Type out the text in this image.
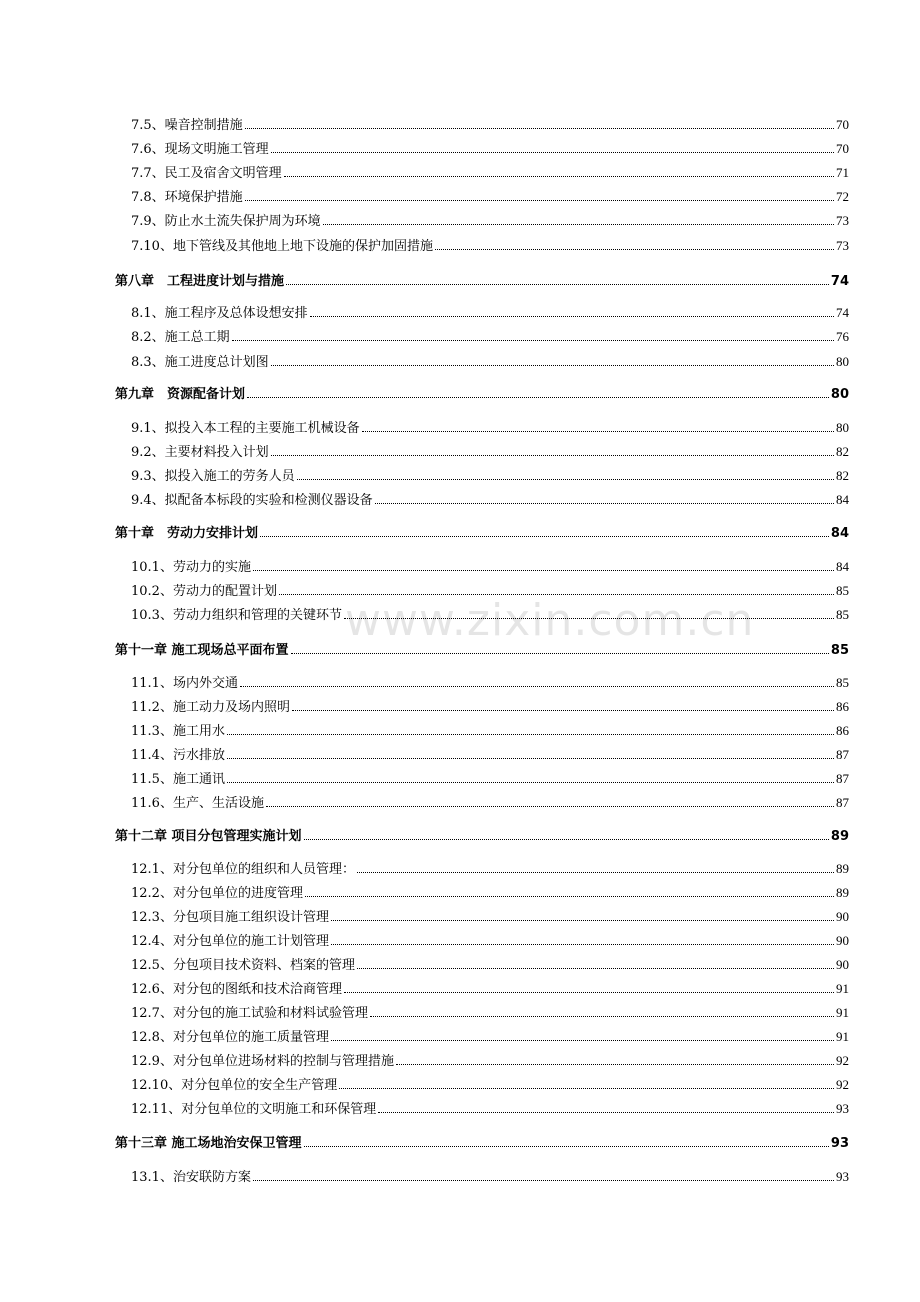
7.5、噪音控制措施	70
7.6、现场文明施工管理	70
7.7、民工及宿舍文明管理	71
7.8、环境保护措施	72
7.9、防止水土流失保护周为环境	73
7.10、地下管线及其他地上地下设施的保护加固措施	73
第八章　工程进度计划与措施	74
8.1、施工程序及总体设想安排	74
8.2、施工总工期	76
8.3、施工进度总计划图	80
第九章　资源配备计划	80
9.1、拟投入本工程的主要施工机械设备	80
9.2、主要材料投入计划	82
9.3、拟投入施工的劳务人员	82
9.4、拟配备本标段的实验和检测仪器设备	84
第十章　劳动力安排计划	84
10.1、劳动力的实施	84
10.2、劳动力的配置计划	85
10.3、劳动力组织和管理的关键环节	85
第十一章 施工现场总平面布置	85
11.1、场内外交通	85
11.2、施工动力及场内照明	86
11.3、施工用水	86
11.4、污水排放	87
11.5、施工通讯	87
11.6、生产、生活设施	87
第十二章 项目分包管理实施计划	89
12.1、对分包单位的组织和人员管理：	89
12.2、对分包单位的进度管理	89
12.3、分包项目施工组织设计管理	90
12.4、对分包单位的施工计划管理	90
12.5、分包项目技术资料、档案的管理	90
12.6、对分包的图纸和技术洽商管理	91
12.7、对分包的施工试验和材料试验管理	91
12.8、对分包单位的施工质量管理	91
12.9、对分包单位进场材料的控制与管理措施	92
12.10、对分包单位的安全生产管理	92
12.11、对分包单位的文明施工和环保管理	93
第十三章 施工场地治安保卫管理	93
13.1、治安联防方案	93
www.zixin.com.cn
